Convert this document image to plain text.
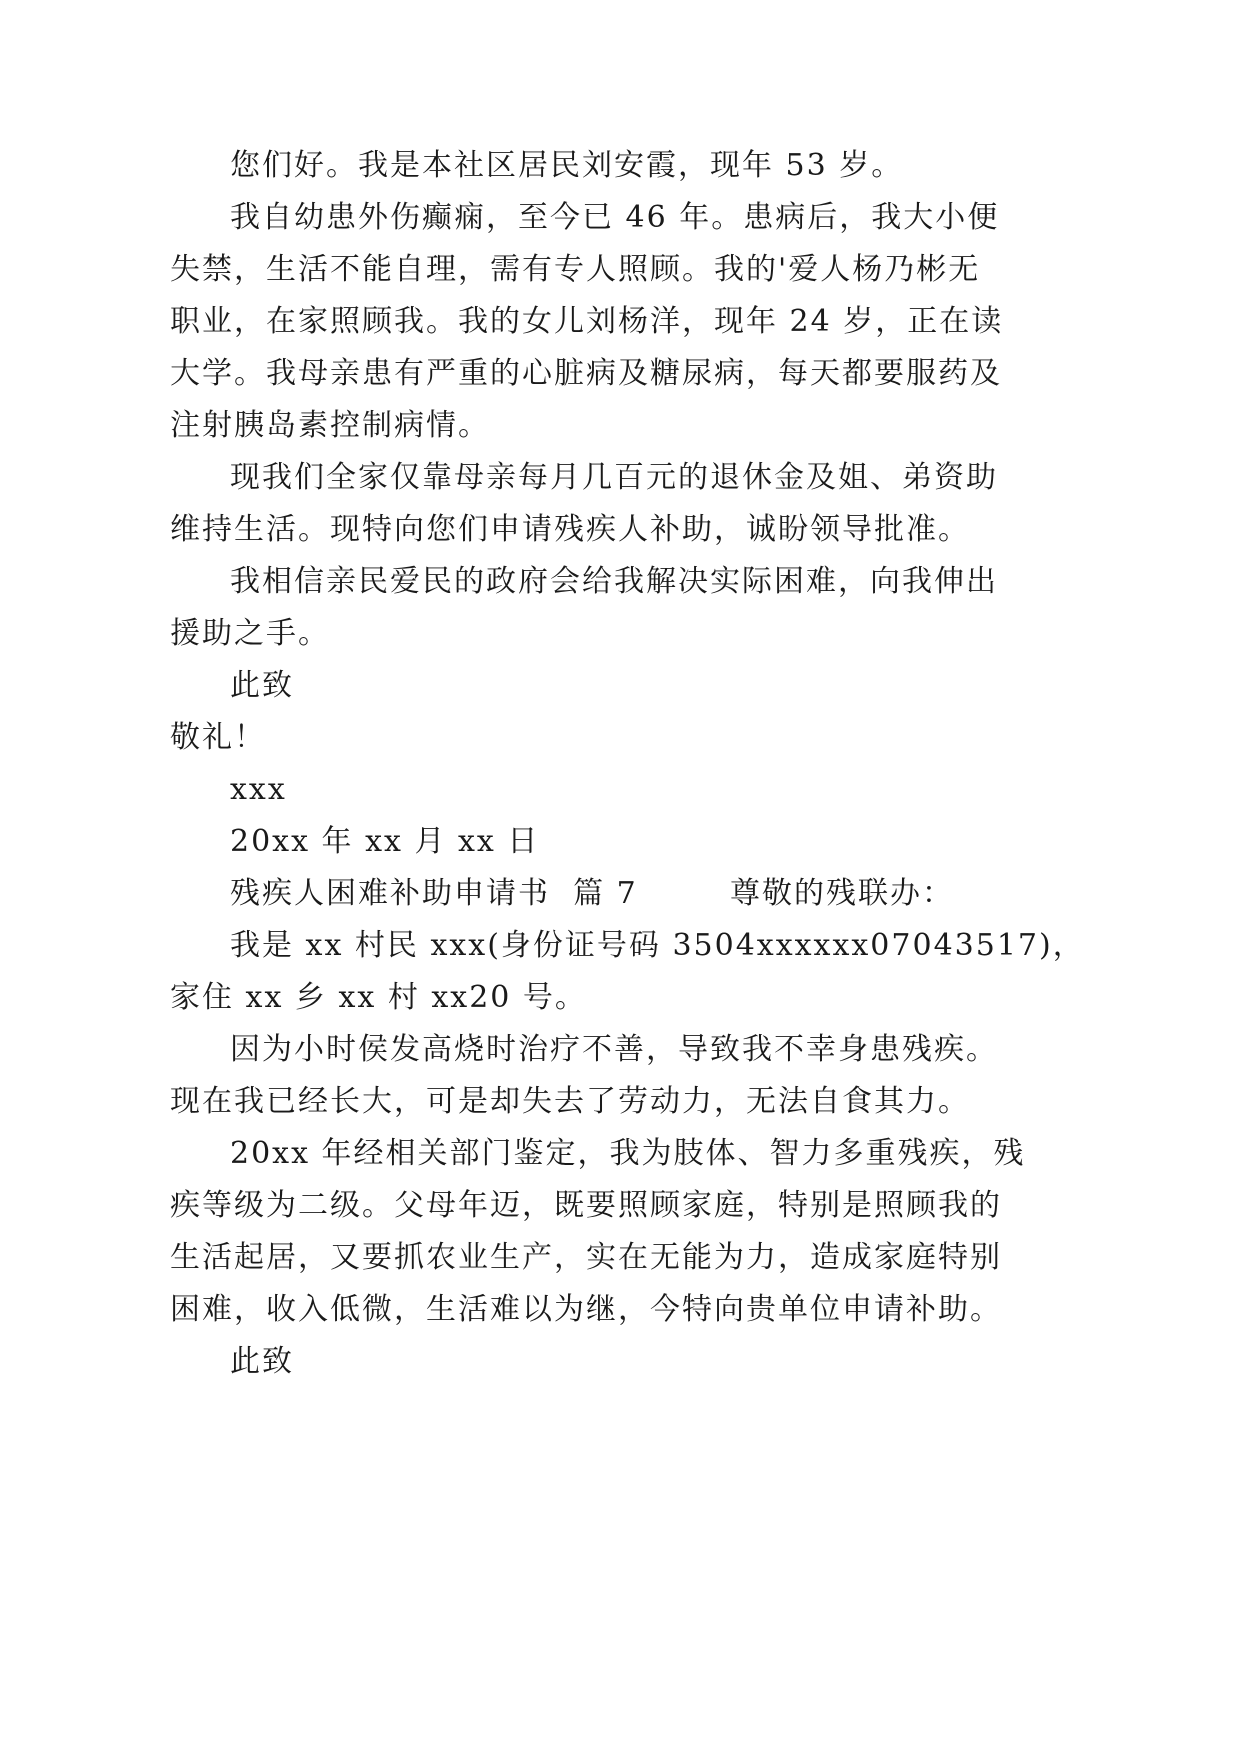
您们好。我是本社区居民刘安霞，现年 53 岁。
我自幼患外伤癫痫，至今已 46 年。患病后，我大小便
失禁，生活不能自理，需有专人照顾。我的'爱人杨乃彬无
职业，在家照顾我。我的女儿刘杨洋，现年 24 岁，正在读
大学。我母亲患有严重的心脏病及糖尿病，每天都要服药及
注射胰岛素控制病情。
现我们全家仅靠母亲每月几百元的退休金及姐、弟资助
维持生活。现特向您们申请残疾人补助，诚盼领导批准。
我相信亲民爱民的政府会给我解决实际困难，向我伸出
援助之手。
此致
敬礼！
xxx
20xx 年 xx 月 xx 日
残疾人困难补助申请书  篇 7        尊敬的残联办：
我是 xx 村民 xxx(身份证号码 3504xxxxxx07043517)，
家住 xx 乡 xx 村 xx20 号。
因为小时侯发高烧时治疗不善，导致我不幸身患残疾。
现在我已经长大，可是却失去了劳动力，无法自食其力。
20xx 年经相关部门鉴定，我为肢体、智力多重残疾，残
疾等级为二级。父母年迈，既要照顾家庭，特别是照顾我的
生活起居，又要抓农业生产，实在无能为力，造成家庭特别
困难，收入低微，生活难以为继，今特向贵单位申请补助。
此致
